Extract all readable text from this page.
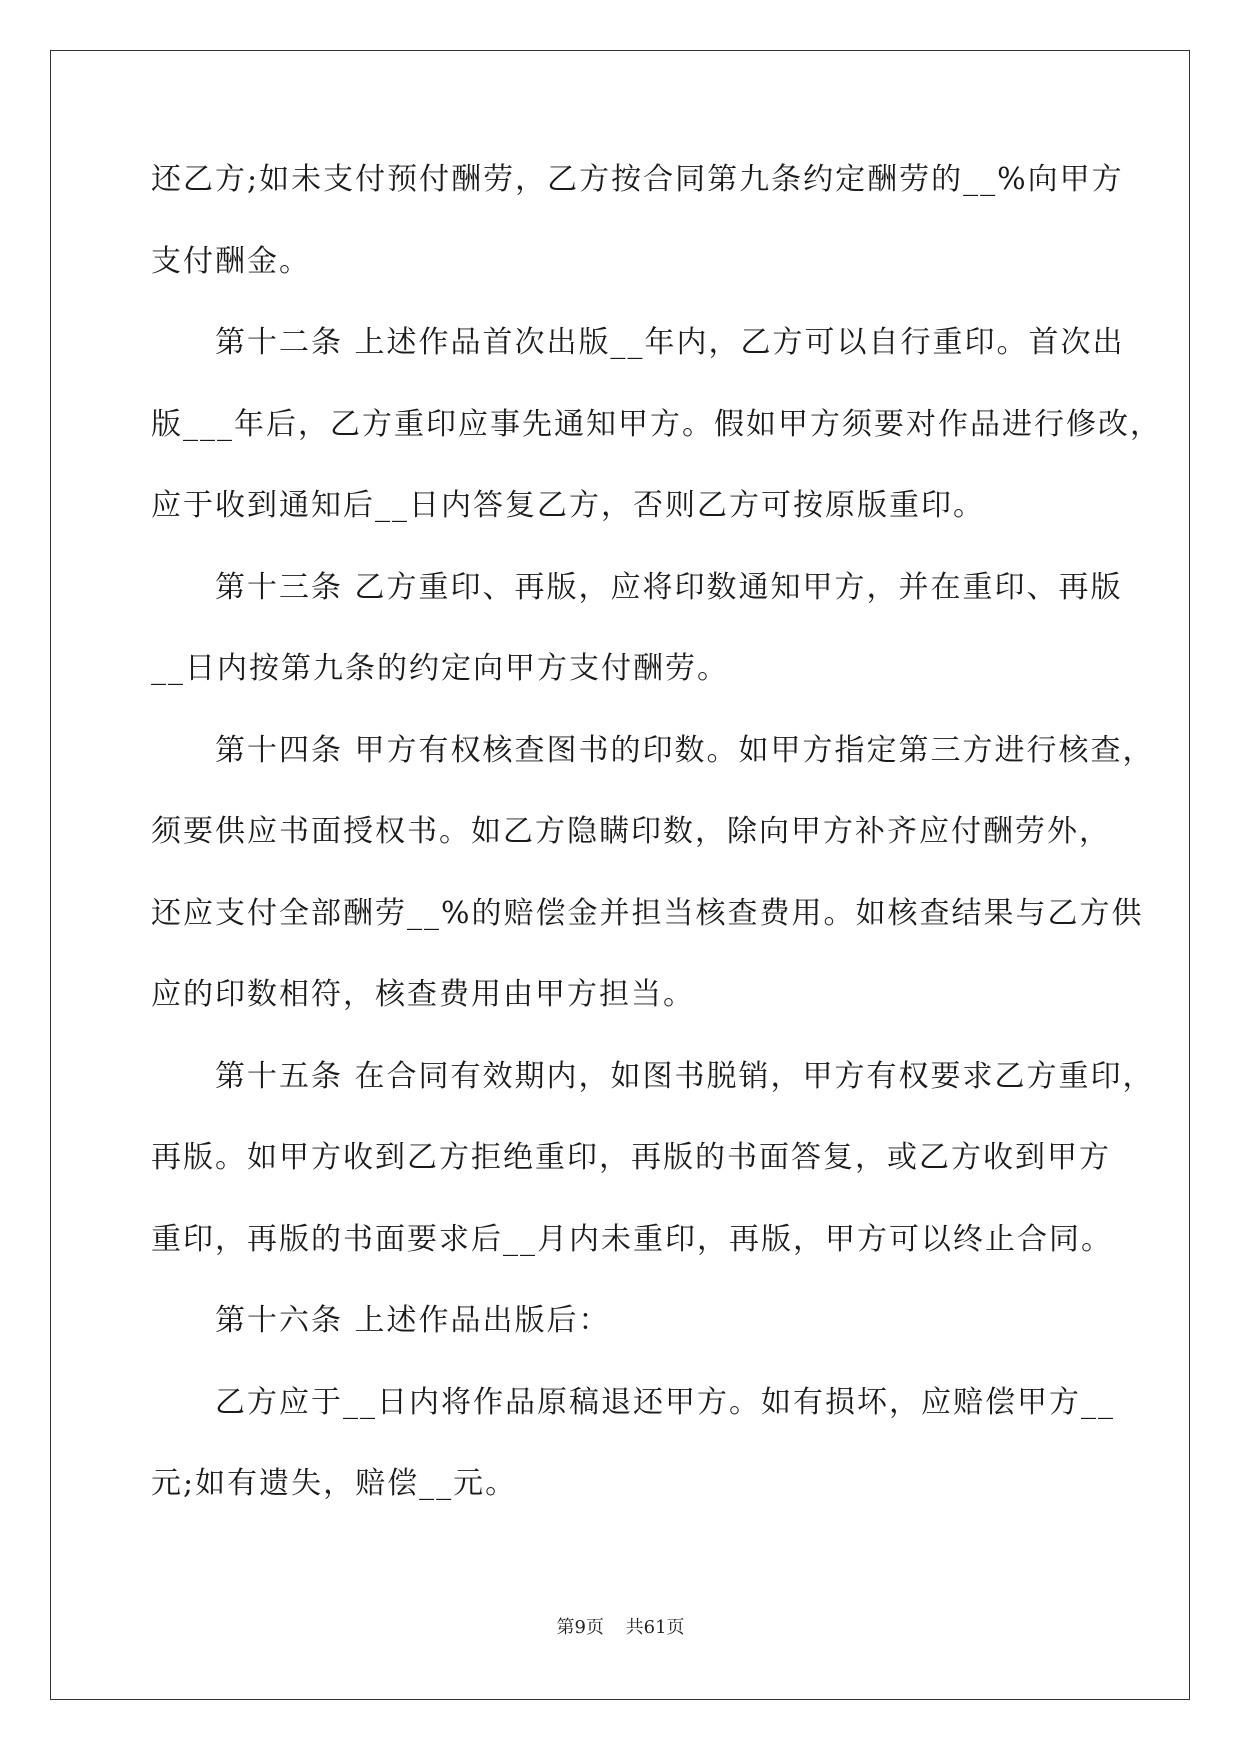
还乙方;如未支付预付酬劳，乙方按合同第九条约定酬劳的__%向甲方
支付酬金。
第十二条 上述作品首次出版__年内，乙方可以自行重印。首次出
版___年后，乙方重印应事先通知甲方。假如甲方须要对作品进行修改，
应于收到通知后__日内答复乙方，否则乙方可按原版重印。
第十三条 乙方重印、再版，应将印数通知甲方，并在重印、再版
__日内按第九条的约定向甲方支付酬劳。
第十四条 甲方有权核查图书的印数。如甲方指定第三方进行核查，
须要供应书面授权书。如乙方隐瞒印数，除向甲方补齐应付酬劳外，
还应支付全部酬劳__%的赔偿金并担当核查费用。如核查结果与乙方供
应的印数相符，核查费用由甲方担当。
第十五条 在合同有效期内，如图书脱销，甲方有权要求乙方重印，
再版。如甲方收到乙方拒绝重印，再版的书面答复，或乙方收到甲方
重印，再版的书面要求后__月内未重印，再版，甲方可以终止合同。
第十六条 上述作品出版后：
乙方应于__日内将作品原稿退还甲方。如有损坏，应赔偿甲方__
元;如有遗失，赔偿__元。
第9页 共61页
